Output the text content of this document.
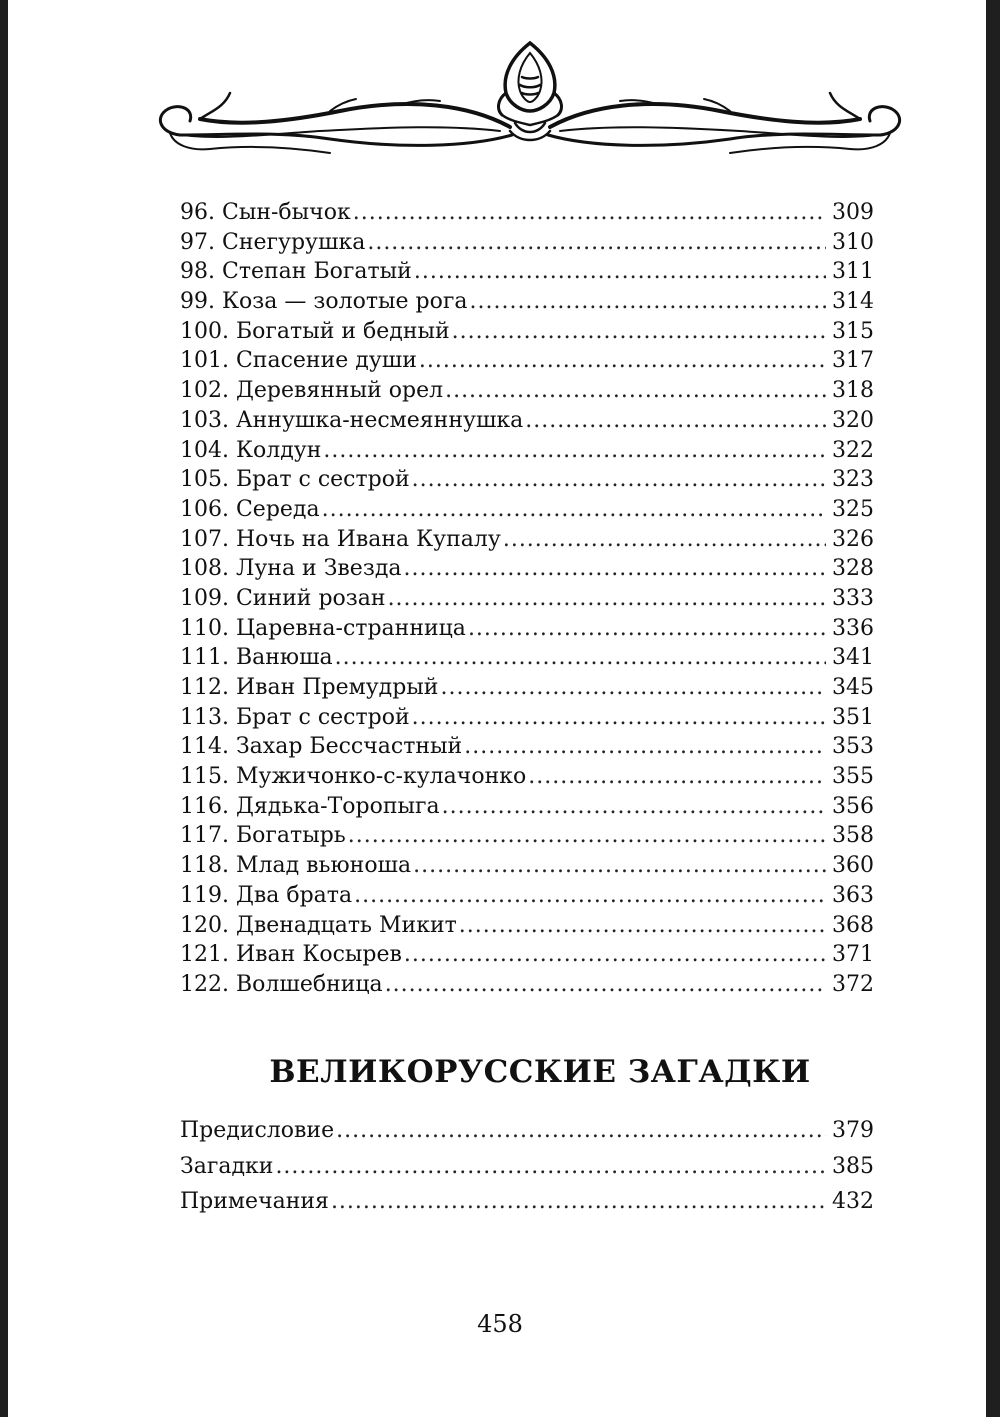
96. Сын-бычок .....	309
97. Снегурушка .....	310
98. Степан Богатый .....	311
99. Коза — золотые рога .....	314
100. Богатый и бедный .....	315
101. Спасение души .....	317
102. Деревянный орел .....	318
103. Аннушка-несмеяннушка .....	320
104. Колдун .....	322
105. Брат с сестрой .....	323
106. Середа .....	325
107. Ночь на Ивана Купалу .....	326
108. Луна и Звезда .....	328
109. Синий розан .....	333
110. Царевна-странница .....	336
111. Ванюша .....	341
112. Иван Премудрый .....	345
113. Брат с сестрой .....	351
114. Захар Бессчастный .....	353
115. Мужичонко-с-кулачонко .....	355
116. Дядька-Торопыга .....	356
117. Богатырь .....	358
118. Млад вьюноша .....	360
119. Два брата .....	363
120. Двенадцать Микит .....	368
121. Иван Косырев .....	371
122. Волшебница .....	372
ВЕЛИКОРУССКИЕ ЗАГАДКИ
Предисловие .....	379
Загадки .....	385
Примечания .....	432
458
